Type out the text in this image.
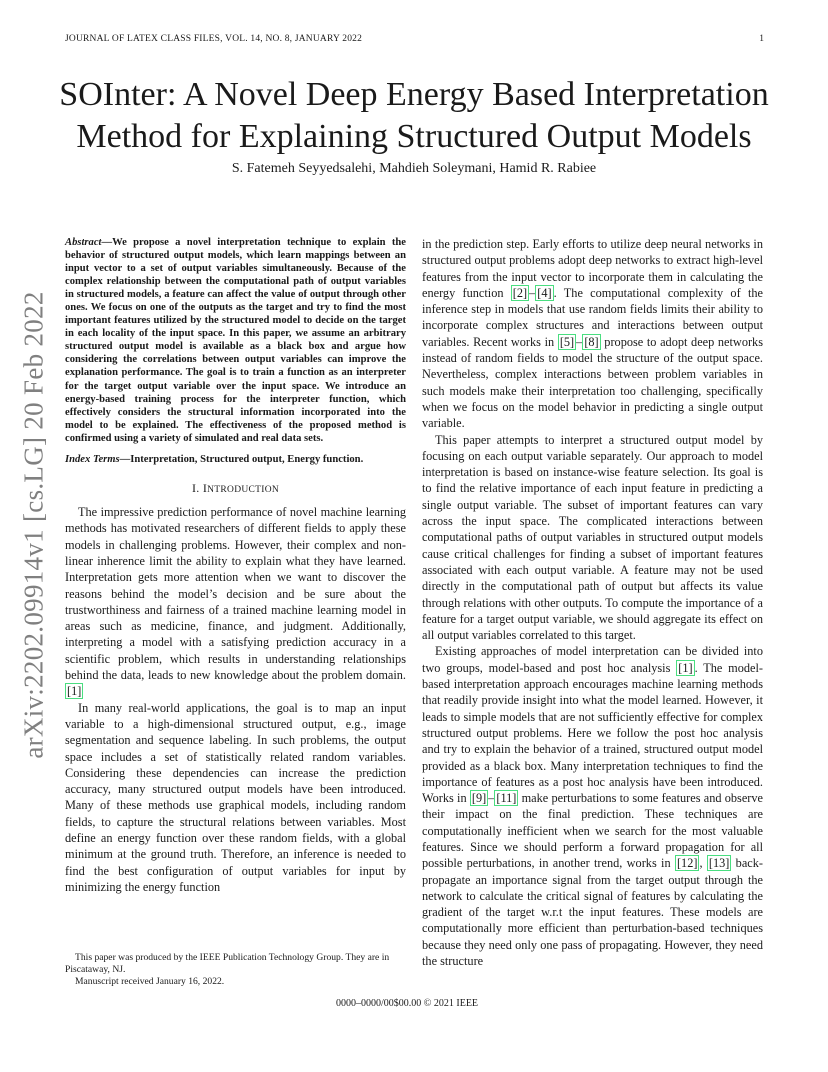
JOURNAL OF LATEX CLASS FILES, VOL. 14, NO. 8, JANUARY 2022	1
SOInter: A Novel Deep Energy Based Interpretation
Method for Explaining Structured Output Models
S. Fatemeh Seyyedsalehi, Mahdieh Soleymani, Hamid R. Rabiee
arXiv:2202.09914v1 [cs.LG] 20 Feb 2022

Abstract—We propose a novel interpretation technique to explain the behavior of structured output models, which learn mappings between an input vector to a set of output variables simultaneously. Because of the complex relationship between the computational path of output variables in structured models, a feature can affect the value of output through other ones. We focus on one of the outputs as the target and try to find the most important features utilized by the structured model to decide on the target in each locality of the input space. In this paper, we assume an arbitrary structured output model is available as a black box and argue how considering the correlations between output variables can improve the explanation performance. The goal is to train a function as an interpreter for the target output variable over the input space. We introduce an energy-based training process for the interpreter function, which effectively considers the structural information incorporated into the model to be explained. The effectiveness of the proposed method is confirmed using a variety of simulated and real data sets.

Index Terms—Interpretation, Structured output, Energy function.

I. INTRODUCTION

The impressive prediction performance of novel machine learning methods has motivated researchers of different fields to apply these models in challenging problems. However, their complex and non-linear inherence limit the ability to explain what they have learned. Interpretation gets more attention when we want to discover the reasons behind the model’s decision and be sure about the trustworthiness and fairness of a trained machine learning model in areas such as medicine, finance, and judgment. Additionally, interpreting a model with a satisfying prediction accuracy in a scientific problem, which results in understanding relationships behind the data, leads to new knowledge about the problem domain. [1]

In many real-world applications, the goal is to map an input variable to a high-dimensional structured output, e.g., image segmentation and sequence labeling. In such problems, the output space includes a set of statistically related random variables. Considering these dependencies can increase the prediction accuracy, many structured output models have been introduced. Many of these methods use graphical models, including random fields, to capture the structural relations between variables. Most define an energy function over these random fields, with a global minimum at the ground truth. Therefore, an inference is needed to find the best configuration of output variables for input by minimizing the energy function

This paper was produced by the IEEE Publication Technology Group. They are in Piscataway, NJ.

Manuscript received January 16, 2022.

in the prediction step. Early efforts to utilize deep neural networks in structured output problems adopt deep networks to extract high-level features from the input vector to incorporate them in calculating the energy function [2] – [4] . The computational complexity of the inference step in models that use random fields limits their ability to incorporate complex structures and interactions between output variables. Recent works in [5] – [8] propose to adopt deep networks instead of random fields to model the structure of the output space. Nevertheless, complex interactions between problem variables in such models make their interpretation too challenging, specifically when we focus on the model behavior in predicting a single output variable.

This paper attempts to interpret a structured output model by focusing on each output variable separately. Our approach to model interpretation is based on instance-wise feature selection. Its goal is to find the relative importance of each input feature in predicting a single output variable. The subset of important features can vary across the input space. The complicated interactions between computational paths of output variables in structured output models cause critical challenges for finding a subset of important features associated with each output variable. A feature may not be used directly in the computational path of output but affects its value through relations with other outputs. To compute the importance of a feature for a target output variable, we should aggregate its effect on all output variables correlated to this target.

Existing approaches of model interpretation can be divided into two groups, model-based and post hoc analysis [1] . The model-based interpretation approach encourages machine learning methods that readily provide insight into what the model learned. However, it leads to simple models that are not sufficiently effective for complex structured output problems. Here we follow the post hoc analysis and try to explain the behavior of a trained, structured output model provided as a black box. Many interpretation techniques to find the importance of features as a post hoc analysis have been introduced. Works in [9] – [11] make perturbations to some features and observe their impact on the final prediction. These techniques are computationally inefficient when we search for the most valuable features. Since we should perform a forward propagation for all possible perturbations, in another trend, works in [12] , [13] back-propagate an importance signal from the target output through the network to calculate the critical signal of features by calculating the gradient of the target w.r.t the input features. These models are computationally more efficient than perturbation-based techniques because they need only one pass of propagating. However, they need the structure

0000–0000/00$00.00 © 2021 IEEE
